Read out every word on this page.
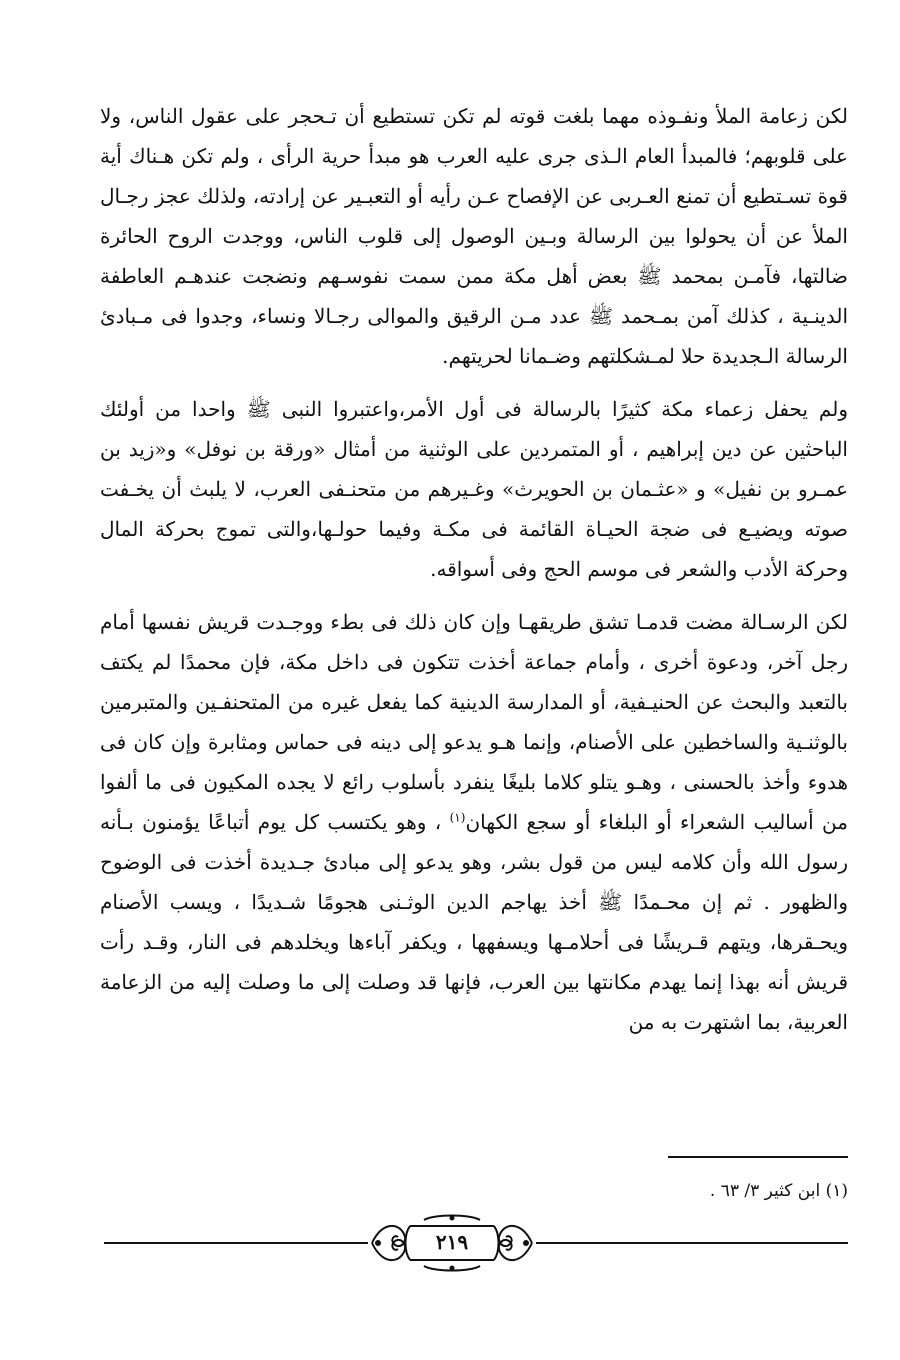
لكن زعامة الملأ ونفـوذه مهما بلغت قوته لم تكن تستطيع أن تـحجر على عقول الناس، ولا على قلوبهم؛ فالمبدأ العام الـذى جرى عليه العرب هو مبدأ حرية الرأى ، ولم تكن هـناك أية قوة تسـتطيع أن تمنع العـربى عن الإفصاح عـن رأيه أو التعبـير عن إرادته، ولذلك عجز رجـال الملأ عن أن يحولوا بين الرسالة وبـين الوصول إلى قلوب الناس، ووجدت الروح الحائرة ضالتها، فآمـن بمحمد ﷺ بعض أهل مكة ممن سمت نفوسـهم ونضجت عندهـم العاطفة الدينـية ، كذلك آمن بمـحمد ﷺ عدد مـن الرقيق والموالى رجـالا ونساء، وجدوا فى مـبادئ الرسالة الـجديدة حلا لمـشكلتهم وضـمانا لحريتهم.

ولم يحفل زعماء مكة كثيرًا بالرسالة فى أول الأمر،واعتبروا النبى ﷺ واحدا من أولئك الباحثين عن دين إبراهيم ، أو المتمردين على الوثنية من أمثال «ورقة بن نوفل» و«زيد بن عمـرو بن نفيل» و «عثـمان بن الحويرث» وغـيرهم من متحنـفى العرب، لا يلبث أن يخـفت صوته ويضيـع فى ضجة الحيـاة القائمة فى مكـة وفيما حولـها،والتى تموج بحركة المال وحركة الأدب والشعر فى موسم الحج وفى أسواقه.

لكن الرسـالة مضت قدمـا تشق طريقهـا وإن كان ذلك فى بطء ووجـدت قريش نفسها أمام رجل آخر، ودعوة أخرى ، وأمام جماعة أخذت تتكون فى داخل مكة، فإن محمدًا لم يكتف بالتعبد والبحث عن الحنيـفية، أو المدارسة الدينية كما يفعل غيره من المتحنفـين والمتبرمين بالوثنـية والساخطين على الأصنام، وإنما هـو يدعو إلى دينه فى حماس ومثابرة وإن كان فى هدوء وأخذ بالحسنى ، وهـو يتلو كلاما بليغًا ينفرد بأسلوب رائع لا يجده المكيون فى ما ألفوا من أساليب الشعراء أو البلغاء أو سجع الكهان$^{(١)}$ ، وهو يكتسب كل يوم أتباعًا يؤمنون بـأنه رسول الله وأن كلامه ليس من قول بشر، وهو يدعو إلى مبادئ جـديدة أخذت فى الوضوح والظهور . ثم إن محـمدًا ﷺ أخذ يهاجم الدين الوثـنى هجومًا شـديدًا ، ويسب الأصنام ويحـقرها، ويتهم قـريشًا فى أحلامـها ويسفهها ، ويكفر آباءها ويخلدهم فى النار، وقـد رأت قريش أنه بهذا إنما يهدم مكانتها بين العرب، فإنها قد وصلت إلى ما وصلت إليه من الزعامة العربية، بما اشتهرت به من

(١) ابن كثير ٣/ ٦٣ .
٢١٩
